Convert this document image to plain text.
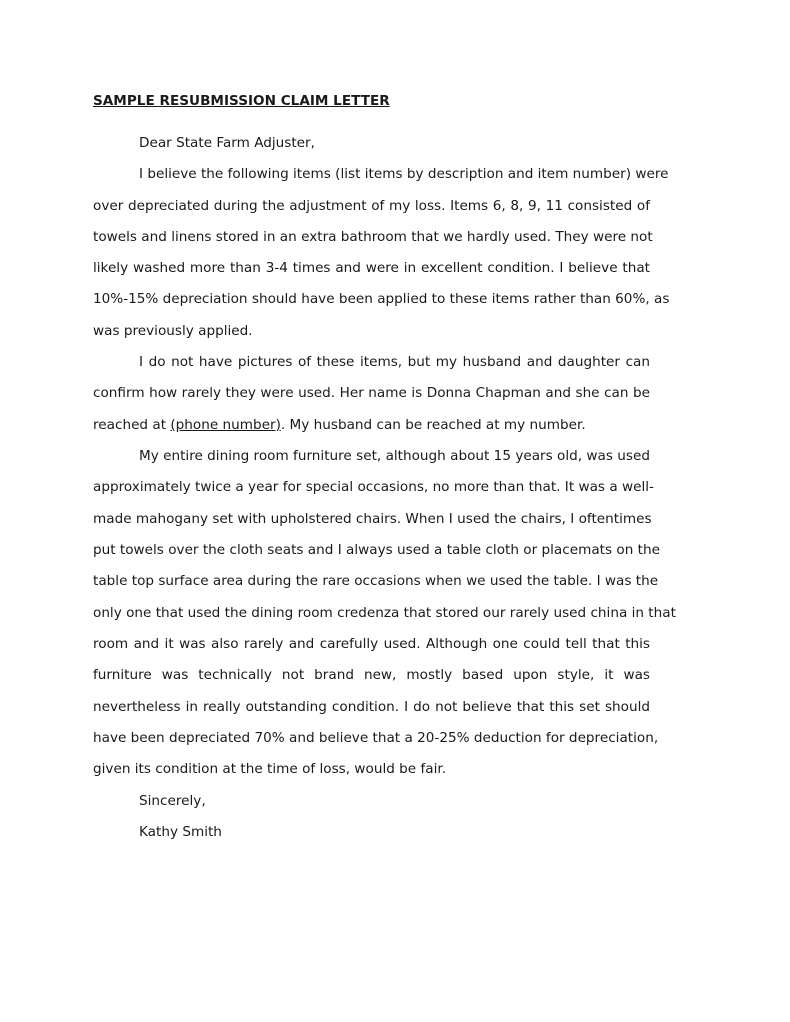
SAMPLE RESUBMISSION CLAIM LETTER
Dear State Farm Adjuster,
I believe the following items (list items by description and item number) were
over depreciated during the adjustment of my loss. Items 6, 8, 9, 11 consisted of
towels and linens stored in an extra bathroom that we hardly used. They were not
likely washed more than 3-4 times and were in excellent condition. I believe that
10%-15% depreciation should have been applied to these items rather than 60%, as
was previously applied.
I do not have pictures of these items, but my husband and daughter can
confirm how rarely they were used. Her name is Donna Chapman and she can be
reached at (phone number). My husband can be reached at my number.
My entire dining room furniture set, although about 15 years old, was used
approximately twice a year for special occasions, no more than that. It was a well-
made mahogany set with upholstered chairs. When I used the chairs, I oftentimes
put towels over the cloth seats and I always used a table cloth or placemats on the
table top surface area during the rare occasions when we used the table. I was the
only one that used the dining room credenza that stored our rarely used china in that
room and it was also rarely and carefully used. Although one could tell that this
furniture was technically not brand new, mostly based upon style, it was
nevertheless in really outstanding condition. I do not believe that this set should
have been depreciated 70% and believe that a 20-25% deduction for depreciation,
given its condition at the time of loss, would be fair.
Sincerely,
Kathy Smith
